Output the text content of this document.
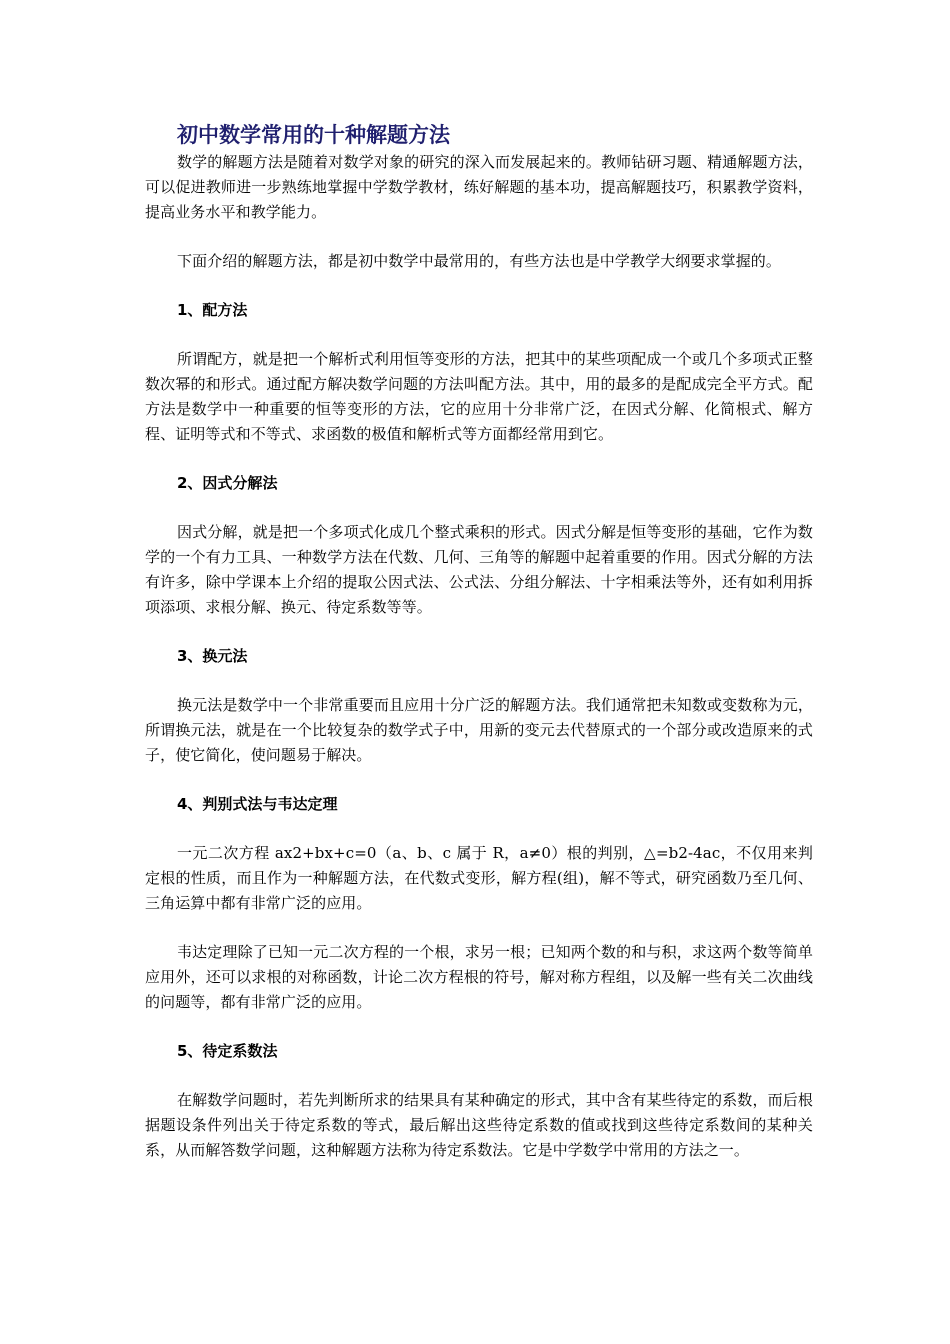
初中数学常用的十种解题方法

数学的解题方法是随着对数学对象的研究的深入而发展起来的。教师钻研习题、精通解题方法，可以促进教师进一步熟练地掌握中学数学教材，练好解题的基本功，提高解题技巧，积累教学资料，提高业务水平和教学能力。

下面介绍的解题方法，都是初中数学中最常用的，有些方法也是中学教学大纲要求掌握的。

1、配方法

所谓配方，就是把一个解析式利用恒等变形的方法，把其中的某些项配成一个或几个多项式正整数次幂的和形式。通过配方解决数学问题的方法叫配方法。其中，用的最多的是配成完全平方式。配方法是数学中一种重要的恒等变形的方法，它的应用十分非常广泛，在因式分解、化简根式、解方程、证明等式和不等式、求函数的极值和解析式等方面都经常用到它。

2、因式分解法

因式分解，就是把一个多项式化成几个整式乘积的形式。因式分解是恒等变形的基础，它作为数学的一个有力工具、一种数学方法在代数、几何、三角等的解题中起着重要的作用。因式分解的方法有许多，除中学课本上介绍的提取公因式法、公式法、分组分解法、十字相乘法等外，还有如利用拆项添项、求根分解、换元、待定系数等等。

3、换元法

换元法是数学中一个非常重要而且应用十分广泛的解题方法。我们通常把未知数或变数称为元，所谓换元法，就是在一个比较复杂的数学式子中，用新的变元去代替原式的一个部分或改造原来的式子，使它简化，使问题易于解决。

4、判别式法与韦达定理

一元二次方程 ax2+bx+c=0（a、b、c 属于 R，a≠0）根的判别，△=b2-4ac，不仅用来判定根的性质，而且作为一种解题方法，在代数式变形，解方程(组)，解不等式，研究函数乃至几何、三角运算中都有非常广泛的应用。

韦达定理除了已知一元二次方程的一个根，求另一根；已知两个数的和与积，求这两个数等简单应用外，还可以求根的对称函数，计论二次方程根的符号，解对称方程组，以及解一些有关二次曲线的问题等，都有非常广泛的应用。

5、待定系数法

在解数学问题时，若先判断所求的结果具有某种确定的形式，其中含有某些待定的系数，而后根据题设条件列出关于待定系数的等式，最后解出这些待定系数的值或找到这些待定系数间的某种关系，从而解答数学问题，这种解题方法称为待定系数法。它是中学数学中常用的方法之一。
